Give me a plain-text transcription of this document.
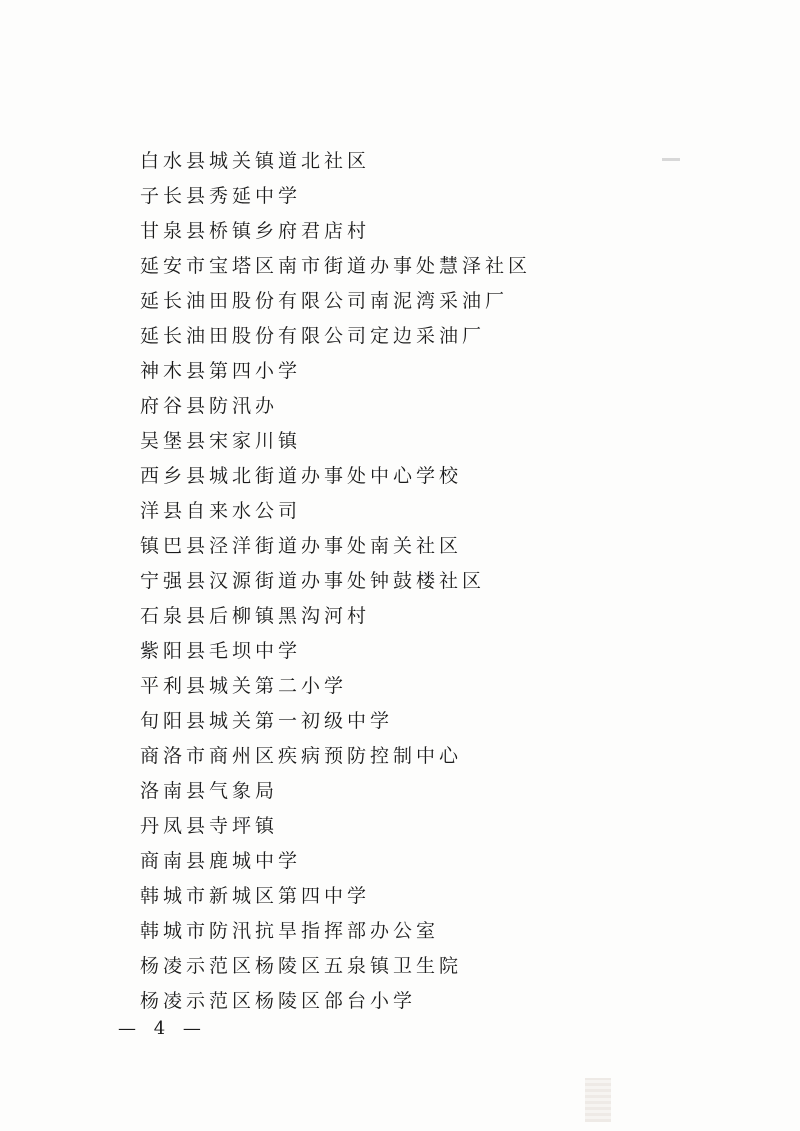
白水县城关镇道北社区
子长县秀延中学
甘泉县桥镇乡府君店村
延安市宝塔区南市街道办事处慧泽社区
延长油田股份有限公司南泥湾采油厂
延长油田股份有限公司定边采油厂
神木县第四小学
府谷县防汛办
吴堡县宋家川镇
西乡县城北街道办事处中心学校
洋县自来水公司
镇巴县泾洋街道办事处南关社区
宁强县汉源街道办事处钟鼓楼社区
石泉县后柳镇黑沟河村
紫阳县毛坝中学
平利县城关第二小学
旬阳县城关第一初级中学
商洛市商州区疾病预防控制中心
洛南县气象局
丹凤县寺坪镇
商南县鹿城中学
韩城市新城区第四中学
韩城市防汛抗旱指挥部办公室
杨凌示范区杨陵区五泉镇卫生院
杨凌示范区杨陵区郃台小学
— 4 —
